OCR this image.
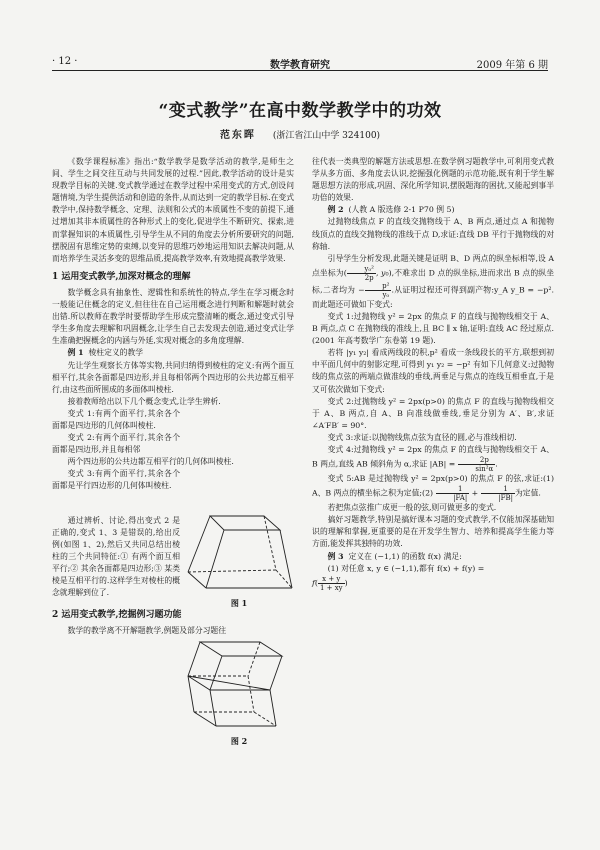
· 12 ·	数学教育研究	2009 年第 6 期
“变式教学”在高中数学教学中的功效
范东晖 (浙江省江山中学 324100)

《数学课程标准》指出:“数学教学是数学活动的教学,是师生之间、学生之间交往互动与共同发展的过程.”因此,教学活动的设计是实现教学目标的关键.变式教学通过在教学过程中采用变式的方式,创设问题情境,为学生提供活动和创造的条件,从而达到一定的教学目标.在变式教学中,保持数学概念、定理、法则和公式的本质属性不变的前提下,通过增加其非本质属性的各种形式上的变化,促进学生不断研究、探索,进而掌握知识的本质属性,引导学生从不同的角度去分析所要研究的问题,摆脱固有思维定势的束缚,以变异的思维巧妙地运用知识去解决问题,从而培养学生灵活多变的思维品质,提高教学效率,有效地提高教学效果.

1 运用变式教学,加深对概念的理解

数学概念具有抽象性、逻辑性和系统性的特点,学生在学习概念时一般能记住概念的定义,但往往在自己运用概念进行判断和解题时就会出错.所以教师在教学时要帮助学生形成完整清晰的概念,通过变式引导学生多角度去理解和巩固概念,让学生自己去发现去创造,通过变式让学生准确把握概念的内涵与外延,实现对概念的多角度理解.

例 1 棱柱定义的教学

先让学生观察长方体等实物,共同归纳得到棱柱的定义:有两个面互相平行,其余各面都是四边形,并且每相邻两个四边形的公共边都互相平行,由这些面所围成的多面体叫棱柱.

接着教师给出以下几个概念变式,让学生辨析.

变式 1:有两个面平行,其余各个面都是四边形的几何体叫棱柱.

变式 2:有两个面平行,其余各个面都是四边形,并且每相邻

两个四边形的公共边都互相平行的几何体叫棱柱.

变式 3:有两个面平行,其余各个面都是平行四边形的几何体叫棱柱.

通过辨析、讨论,得出变式 2 是正确的,变式 1、3 是错误的,给出反例(如图 1、2),然后又共同总结出棱柱的三个共同特征:① 有两个面互相平行;② 其余各面都是四边形;③ 某类棱是互相平行的.这样学生对棱柱的概念就理解到位了.

2 运用变式教学,挖掘例习题功能

数学的教学离不开解题教学,例题及部分习题往

图 1
图 2

往代表一类典型的解题方法或思想.在数学例习题教学中,可利用变式教学从多方面、多角度去认识,挖掘强化例题的示范功能,既有利于学生解题思想方法的形成,巩固、深化所学知识,摆脱题海的困扰,又能起到事半功倍的效果.

例 2 (人教 A 版选修 2-1 P70 例 5)

过抛物线焦点 F 的直线交抛物线于 A、B 两点,通过点 A 和抛物线顶点的直线交抛物线的准线于点 D,求证:直线 DB 平行于抛物线的对称轴.

引导学生分析发现,此题关键是证明 B、D 两点的纵坐标相等,设 A 点坐标为( $\frac{\text{y₀²}}{2p}$ , y₀),不难求出 D 点的纵坐标,进而求出 B 点的纵坐标,二者均为 − $\frac{\text{p²}}{\text{y₀}}$ .从证明过程还可得到副产物:y_A y_B = −p². 而此题还可做如下变式:

变式 1:过抛物线 y² = 2px 的焦点 F 的直线与抛物线相交于 A、B 两点,点 C 在抛物线的准线上,且 BC ∥ x 轴,证明:直线 AC 经过原点.(2001 年高考数学广东卷第 19 题).

若将 |y₁ y₂| 看成两线段的积,p² 看成一条线段长的平方,联想到初中平面几何中的射影定理,可得到 y₁ y₂ = −p² 有如下几何意义:过抛物线的焦点弦的两端点做准线的垂线,两垂足与焦点的连线互相垂直,于是又可依次做如下变式:

变式 2:过抛物线 y² = 2px(p>0) 的焦点 F 的直线与抛物线相交于 A、B 两点,自 A、B 向准线做垂线,垂足分别为 A′、B′,求证 ∠A′FB′ = 90°.

变式 3:求证:以抛物线焦点弦为直径的圆,必与准线相切.

变式 4:过抛物线 y² = 2px 的焦点 F 的直线与抛物线相交于 A、B 两点,直线 AB 倾斜角为 α,求证 $|AB| = \frac{2p}{\text{sin²α}}$ .

变式 5:AB 是过抛物线 y² = 2px(p>0) 的焦点 F 的弦,求证:(1) A、B 两点的横坐标之积为定值;(2) $\frac{1}{|FA|} + \frac{1}{|FB|}$ 为定值.

若把焦点弦推广成更一般的弦,则可做更多的变式.

搞好习题教学,特别是搞好课本习题的变式教学,不仅能加深基础知识的理解和掌握,更重要的是在开发学生智力、培养和提高学生能力等方面,能发挥其独特的功效.

例 3 定义在 (−1,1) 的函数 f(x) 满足:

(1) 对任意 x, y ∈ (−1,1),都有 f(x) + f(y) =

$f( \frac{x + y}{1 + xy}$ )
